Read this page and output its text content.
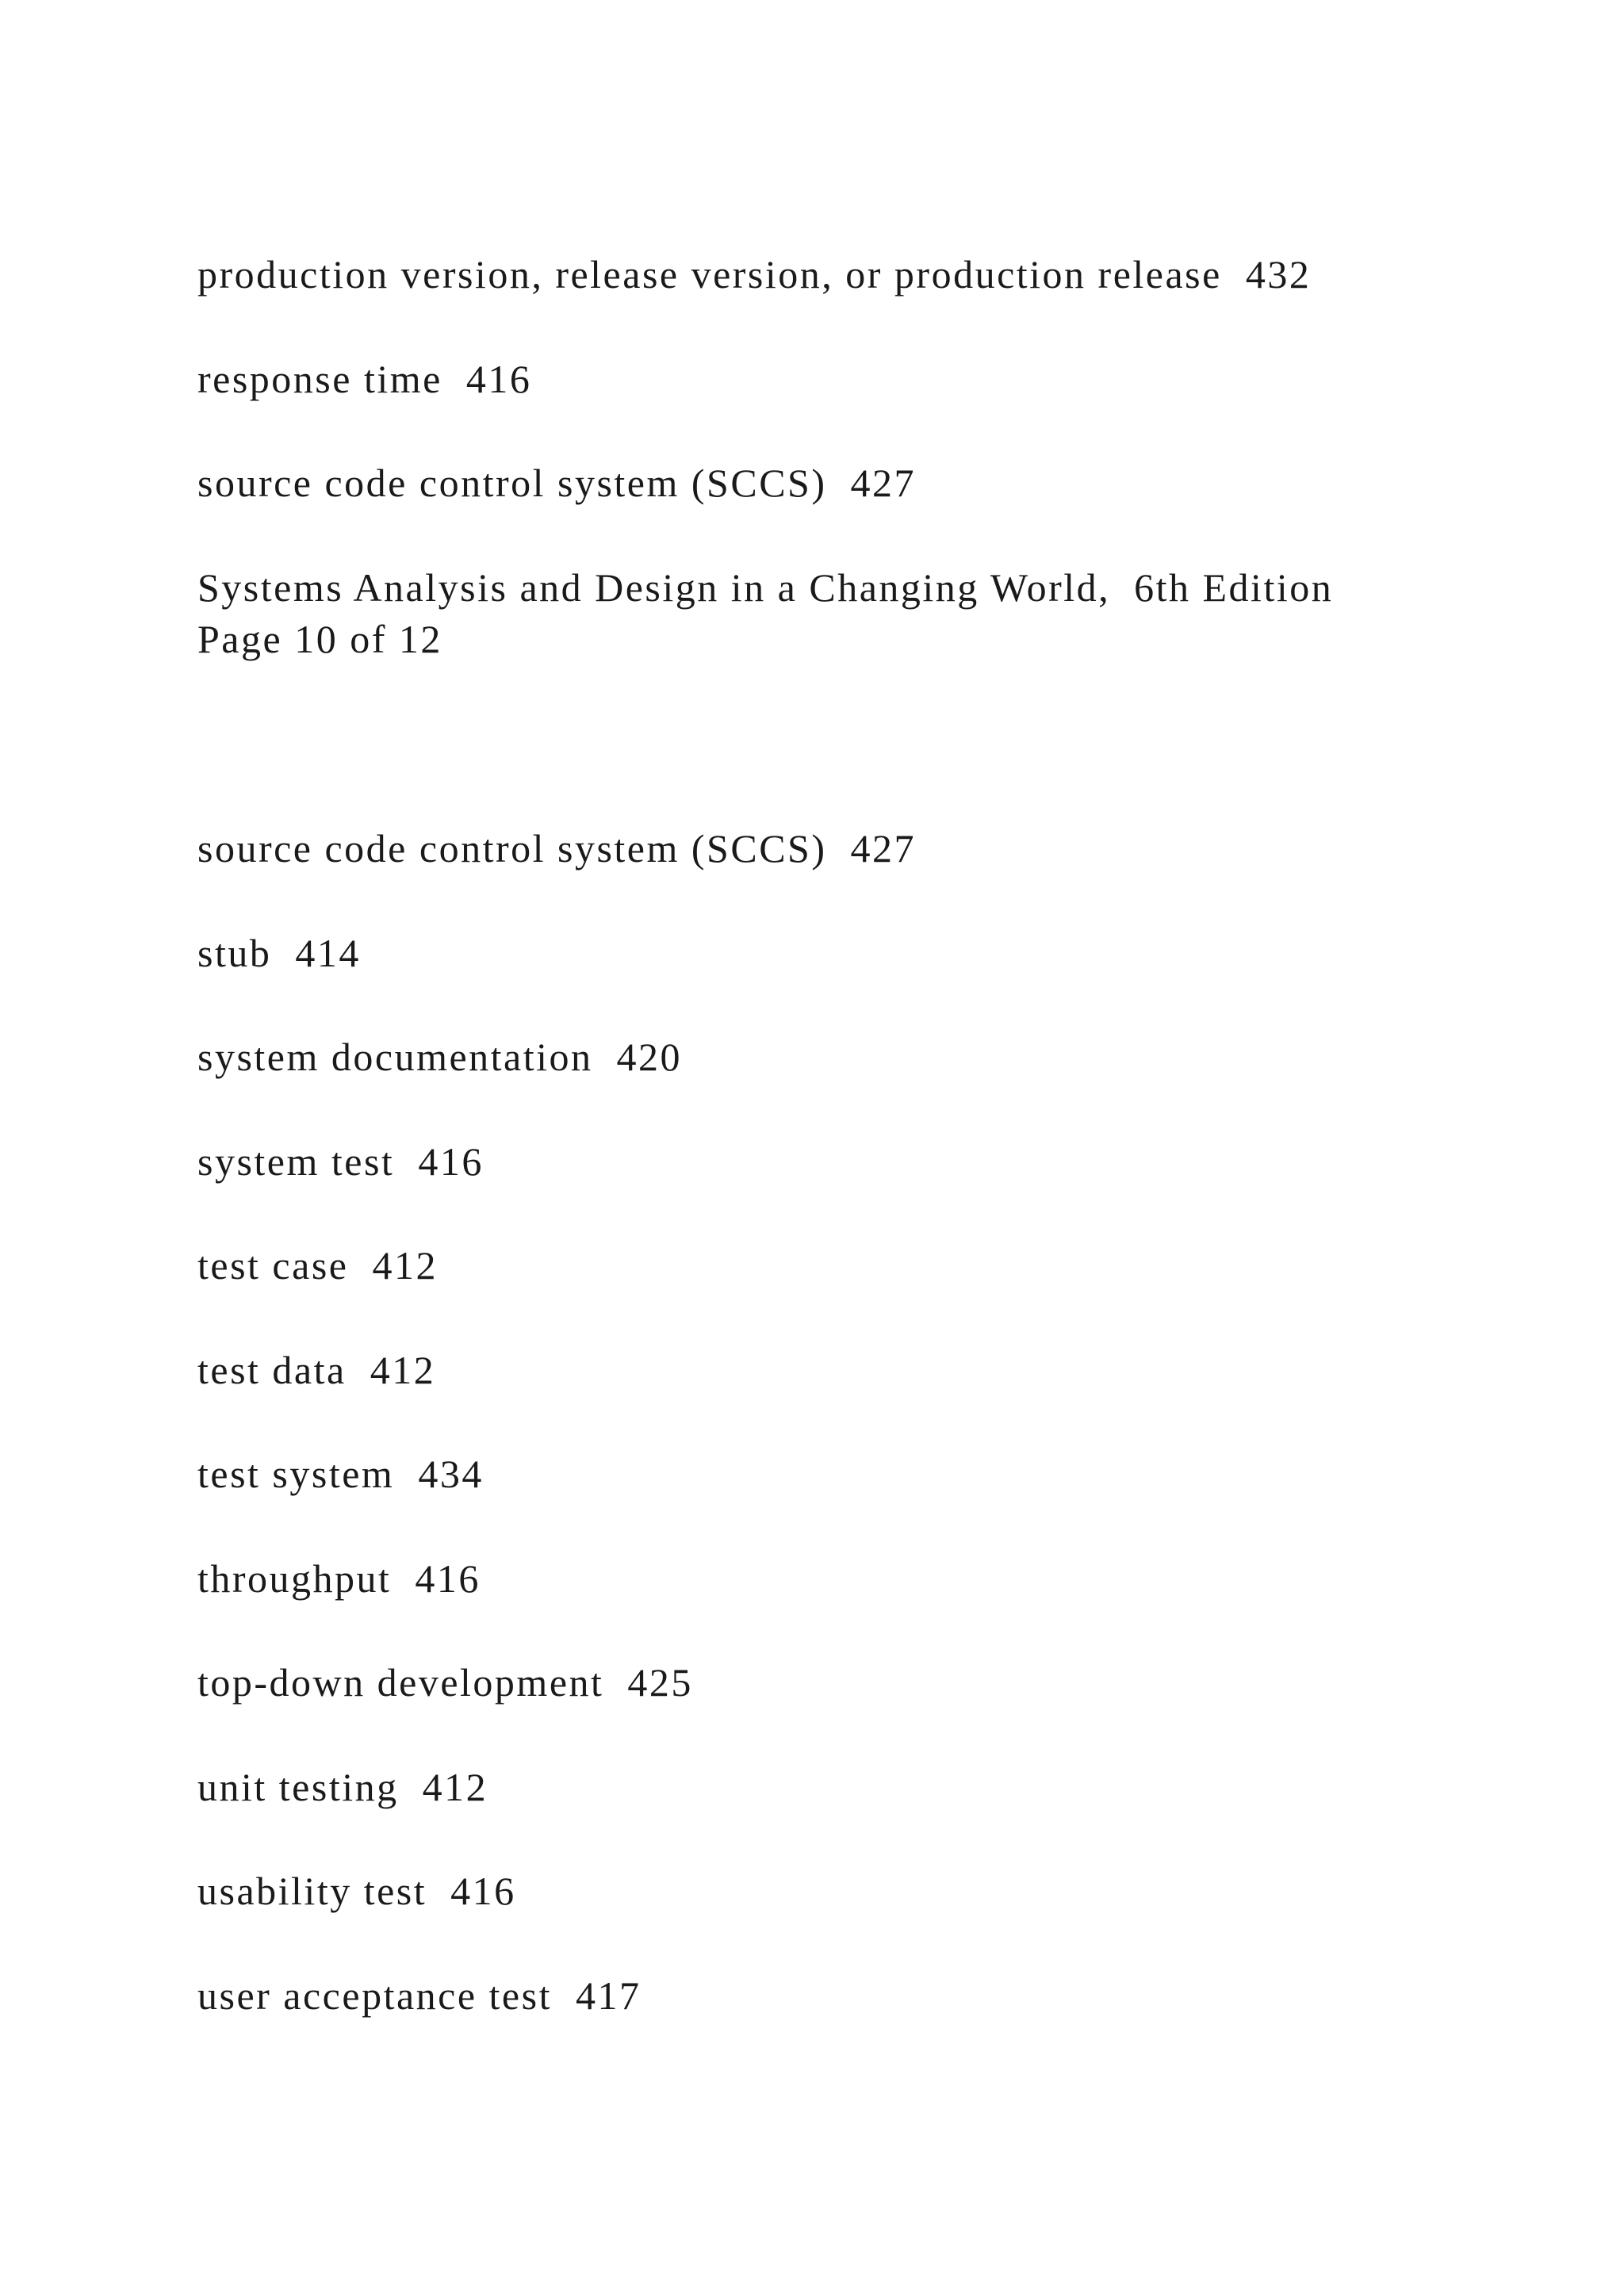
production version, release version, or production release  432

response time  416

source code control system (SCCS)  427

Systems Analysis and Design in a Changing World,  6th Edition

Page 10 of 12

source code control system (SCCS)  427

stub  414

system documentation  420

system test  416

test case  412

test data  412

test system  434

throughput  416

top-down development  425

unit testing  412

usability test  416

user acceptance test  417
